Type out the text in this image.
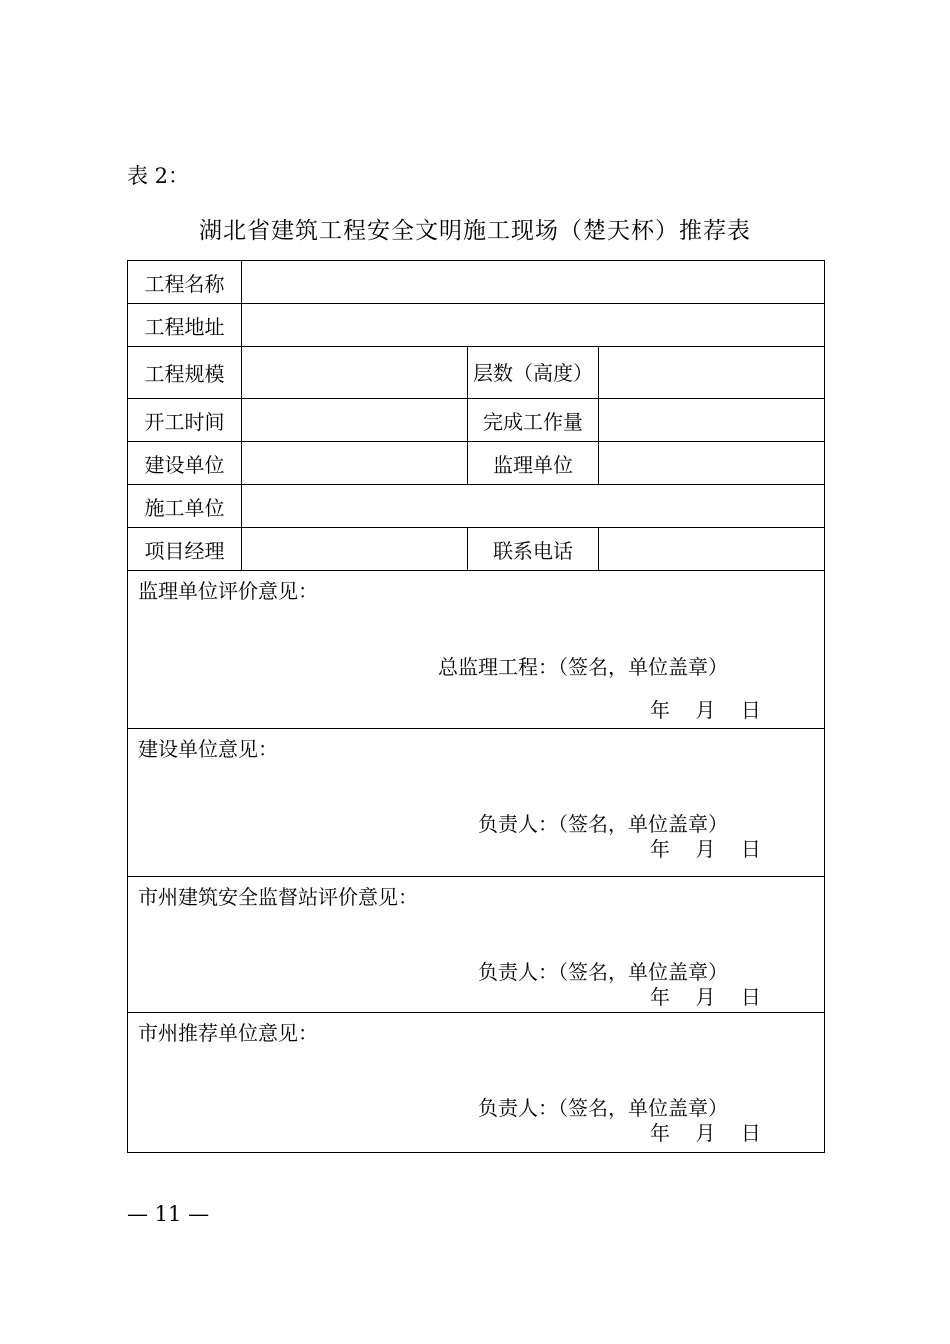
表 2：
湖北省建筑工程安全文明施工现场（楚天杯）推荐表
工程名称			
工程地址			
工程规模		层数（高度）	
开工时间		完成工作量	
建设单位		监理单位	
施工单位			
项目经理		联系电话	

监理单位评价意见：
总监理工程：（签名，单位盖章）
年    月    日			

建设单位意见：
负责人：（签名，单位盖章）
年    月    日			

市州建筑安全监督站评价意见：
负责人：（签名，单位盖章）
年    月    日			

市州推荐单位意见：
负责人：（签名，单位盖章）
年    月    日			
— 11 —
